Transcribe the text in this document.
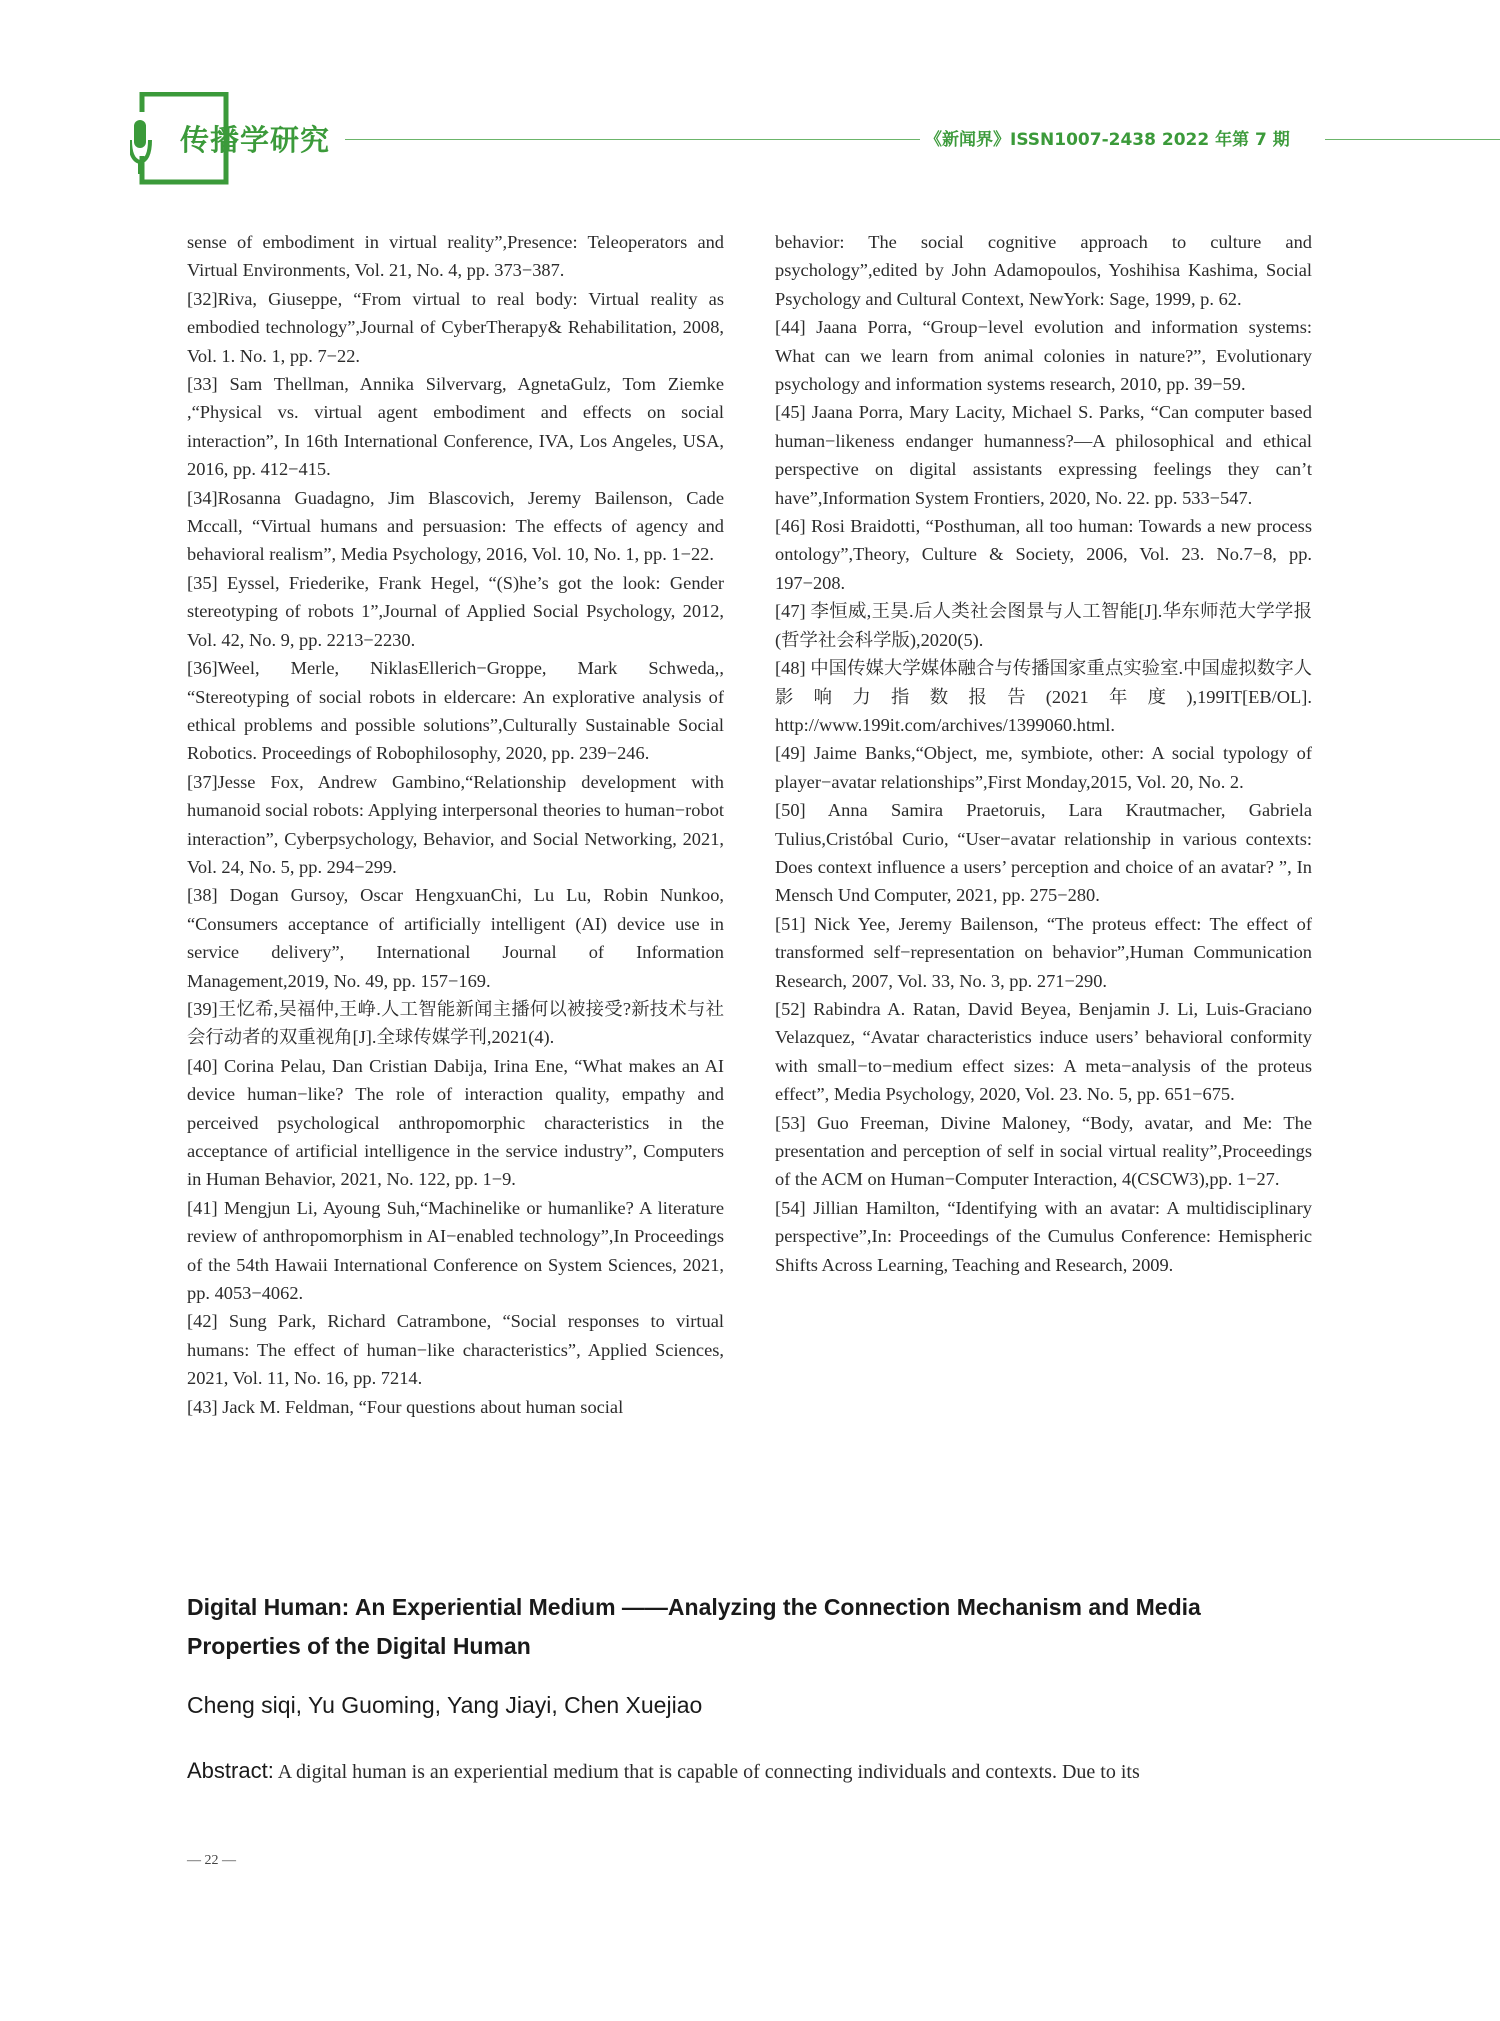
传播学研究	《新闻界》ISSN1007-2438 2022 年第 7 期

sense of embodiment in virtual reality”,Presence: Teleoperators and Virtual Environments, Vol. 21, No. 4, pp. 373−387.

[32]Riva, Giuseppe, “From virtual to real body: Virtual reality as embodied technology”,Journal of CyberTherapy& Rehabilitation, 2008, Vol. 1. No. 1, pp. 7−22.

[33] Sam Thellman, Annika Silvervarg, AgnetaGulz, Tom Ziemke ,“Physical vs. virtual agent embodiment and effects on social interaction”, In 16th International Conference, IVA, Los Angeles, USA, 2016, pp. 412−415.

[34]Rosanna Guadagno, Jim Blascovich, Jeremy Bailenson, Cade Mccall, “Virtual humans and persuasion: The effects of agency and behavioral realism”, Media Psychology, 2016, Vol. 10, No. 1, pp. 1−22.

[35] Eyssel, Friederike, Frank Hegel, “(S)he’s got the look: Gender stereotyping of robots 1”,Journal of Applied Social Psychology, 2012, Vol. 42, No. 9, pp. 2213−2230.

[36]Weel, Merle, NiklasEllerich−Groppe, Mark Schweda,, “Stereotyping of social robots in eldercare: An explorative analysis of ethical problems and possible solutions”,Culturally Sustainable Social Robotics. Proceedings of Robophilosophy, 2020, pp. 239−246.

[37]Jesse Fox, Andrew Gambino,“Relationship development with humanoid social robots: Applying interpersonal theories to human−robot interaction”, Cyberpsychology, Behavior, and Social Networking, 2021, Vol. 24, No. 5, pp. 294−299.

[38] Dogan Gursoy, Oscar HengxuanChi, Lu Lu, Robin Nunkoo, “Consumers acceptance of artificially intelligent (AI) device use in service delivery”, International Journal of Information Management,2019, No. 49, pp. 157−169.

[39]王忆希,吴福仲,王峥.人工智能新闻主播何以被接受?新技术与社会行动者的双重视角[J].全球传媒学刊,2021(4).

[40] Corina Pelau, Dan Cristian Dabija, Irina Ene, “What makes an AI device human−like? The role of interaction quality, empathy and perceived psychological anthropomorphic characteristics in the acceptance of artificial intelligence in the service industry”, Computers in Human Behavior, 2021, No. 122, pp. 1−9.

[41] Mengjun Li, Ayoung Suh,“Machinelike or humanlike? A literature review of anthropomorphism in AI−enabled technology”,In Proceedings of the 54th Hawaii International Conference on System Sciences, 2021, pp. 4053−4062.

[42] Sung Park, Richard Catrambone, “Social responses to virtual humans: The effect of human−like characteristics”, Applied Sciences, 2021, Vol. 11, No. 16, pp. 7214.

[43] Jack M. Feldman, “Four questions about human social

behavior: The social cognitive approach to culture and psychology”,edited by John Adamopoulos, Yoshihisa Kashima, Social Psychology and Cultural Context, NewYork: Sage, 1999, p. 62.

[44] Jaana Porra, “Group−level evolution and information systems: What can we learn from animal colonies in nature?”, Evolutionary psychology and information systems research, 2010, pp. 39−59.

[45] Jaana Porra, Mary Lacity, Michael S. Parks, “Can computer based human−likeness endanger humanness?—A philosophical and ethical perspective on digital assistants expressing feelings they can’t have”,Information System Frontiers, 2020, No. 22. pp. 533−547.

[46] Rosi Braidotti, “Posthuman, all too human: Towards a new process ontology”,Theory, Culture & Society, 2006, Vol. 23. No.7−8, pp. 197−208.

[47] 李恒威,王昊.后人类社会图景与人工智能[J].华东师范大学学报(哲学社会科学版),2020(5).

[48] 中国传媒大学媒体融合与传播国家重点实验室.中国虚拟数字人影响力指数报告(2021年度),199IT[EB/OL]. http://www.199it.com/archives/1399060.html.

[49] Jaime Banks,“Object, me, symbiote, other: A social typology of player−avatar relationships”,First Monday,2015, Vol. 20, No. 2.

[50] Anna Samira Praetoruis, Lara Krautmacher, Gabriela Tulius,Cristóbal Curio, “User−avatar relationship in various contexts: Does context influence a users’ perception and choice of an avatar? ”, In Mensch Und Computer, 2021, pp. 275−280.

[51] Nick Yee, Jeremy Bailenson, “The proteus effect: The effect of transformed self−representation on behavior”,Human Communication Research, 2007, Vol. 33, No. 3, pp. 271−290.

[52] Rabindra A. Ratan, David Beyea, Benjamin J. Li, Luis-Graciano Velazquez, “Avatar characteristics induce users’ behavioral conformity with small−to−medium effect sizes: A meta−analysis of the proteus effect”, Media Psychology, 2020, Vol. 23. No. 5, pp. 651−675.

[53] Guo Freeman, Divine Maloney, “Body, avatar, and Me: The presentation and perception of self in social virtual reality”,Proceedings of the ACM on Human−Computer Interaction, 4(CSCW3),pp. 1−27.

[54] Jillian Hamilton, “Identifying with an avatar: A multidisciplinary perspective”,In: Proceedings of the Cumulus Conference: Hemispheric Shifts Across Learning, Teaching and Research, 2009.

Digital Human: An Experiential Medium ——Analyzing the Connection Mechanism and Media Properties of the Digital Human

Cheng siqi, Yu Guoming, Yang Jiayi, Chen Xuejiao

Abstract: A digital human is an experiential medium that is capable of connecting individuals and contexts. Due to its

— 22 —
